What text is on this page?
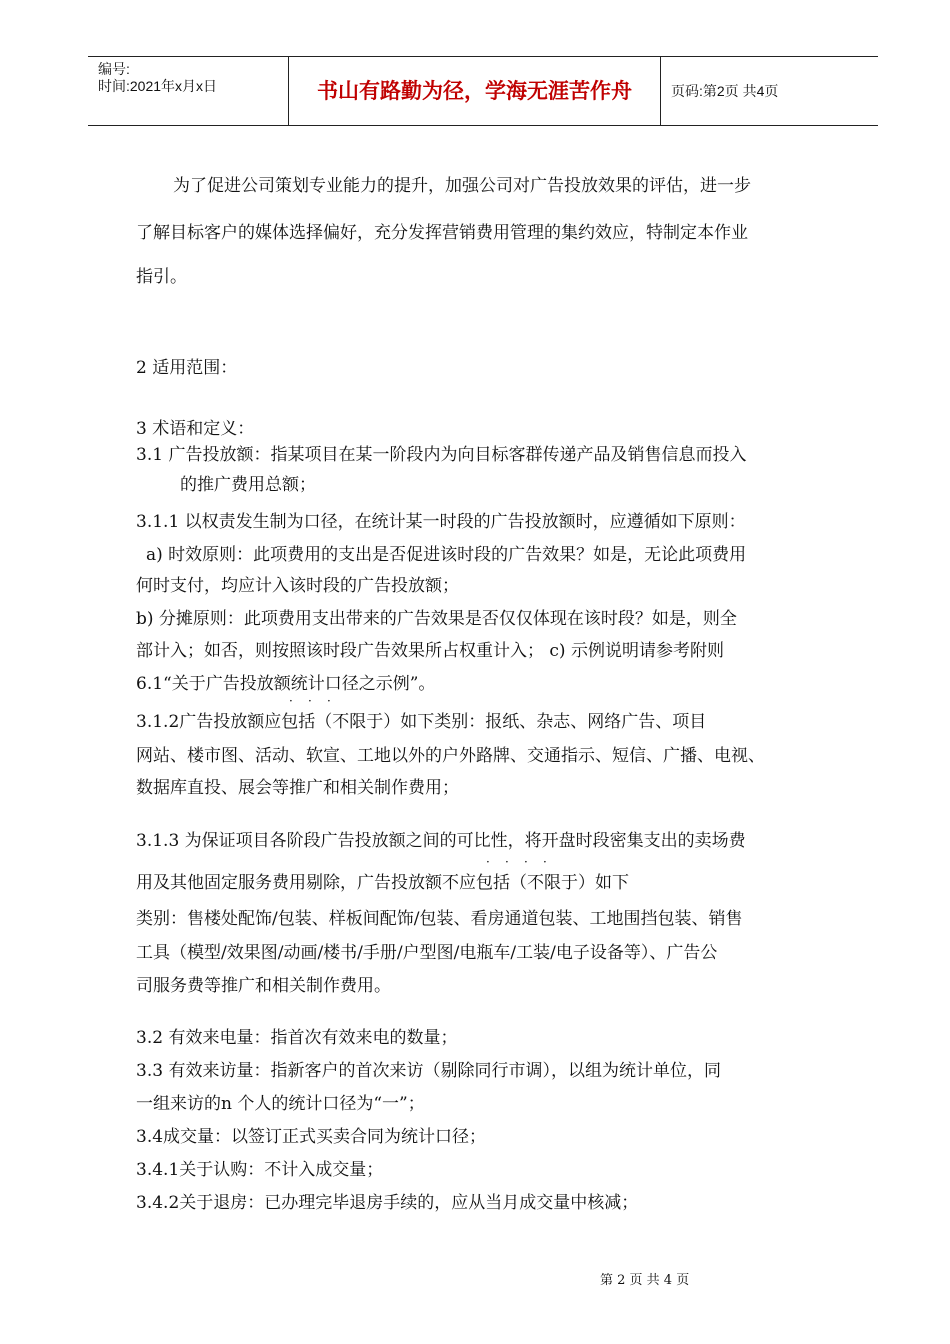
编号:
时间:2021年x月x日	书山有路勤为径，学海无涯苦作舟	页码:第2页 共4页
为了促进公司策划专业能力的提升，加强公司对广告投放效果的评估，进一步
了解目标客户的媒体选择偏好，充分发挥营销费用管理的集约效应，特制定本作业
指引。
2 适用范围：
3 术语和定义：
3.1 广告投放额：指某项目在某一阶段内为向目标客群传递产品及销售信息而投入
的推广费用总额；
3.1.1 以权责发生制为口径，在统计某一时段的广告投放额时，应遵循如下原则：
a) 时效原则：此项费用的支出是否促进该时段的广告效果？如是，无论此项费用
何时支付，均应计入该时段的广告投放额；
b) 分摊原则：此项费用支出带来的广告效果是否仅仅体现在该时段？如是，则全
部计入；如否，则按照该时段广告效果所占权重计入； c) 示例说明请参考附则
6.1“关于广告投放额统计口径之示例”。
· · ·
3.1.2广告投放额应包括（不限于）如下类别：报纸、杂志、网络广告、项目
网站、楼市图、活动、软宣、工地以外的户外路牌、交通指示、短信、广播、电视、
数据库直投、展会等推广和相关制作费用；
3.1.3 为保证项目各阶段广告投放额之间的可比性，将开盘时段密集支出的卖场费
· · · ·
用及其他固定服务费用剔除，广告投放额不应包括（不限于）如下
类别：售楼处配饰/包装、样板间配饰/包装、看房通道包装、工地围挡包装、销售
工具（模型/效果图/动画/楼书/手册/户型图/电瓶车/工装/电子设备等）、广告公
司服务费等推广和相关制作费用。
3.2 有效来电量：指首次有效来电的数量；
3.3 有效来访量：指新客户的首次来访（剔除同行市调），以组为统计单位，同
一组来访的n 个人的统计口径为“一”；
3.4成交量：以签订正式买卖合同为统计口径；
3.4.1关于认购：不计入成交量；
3.4.2关于退房：已办理完毕退房手续的，应从当月成交量中核减；
第 2 页 共 4 页
